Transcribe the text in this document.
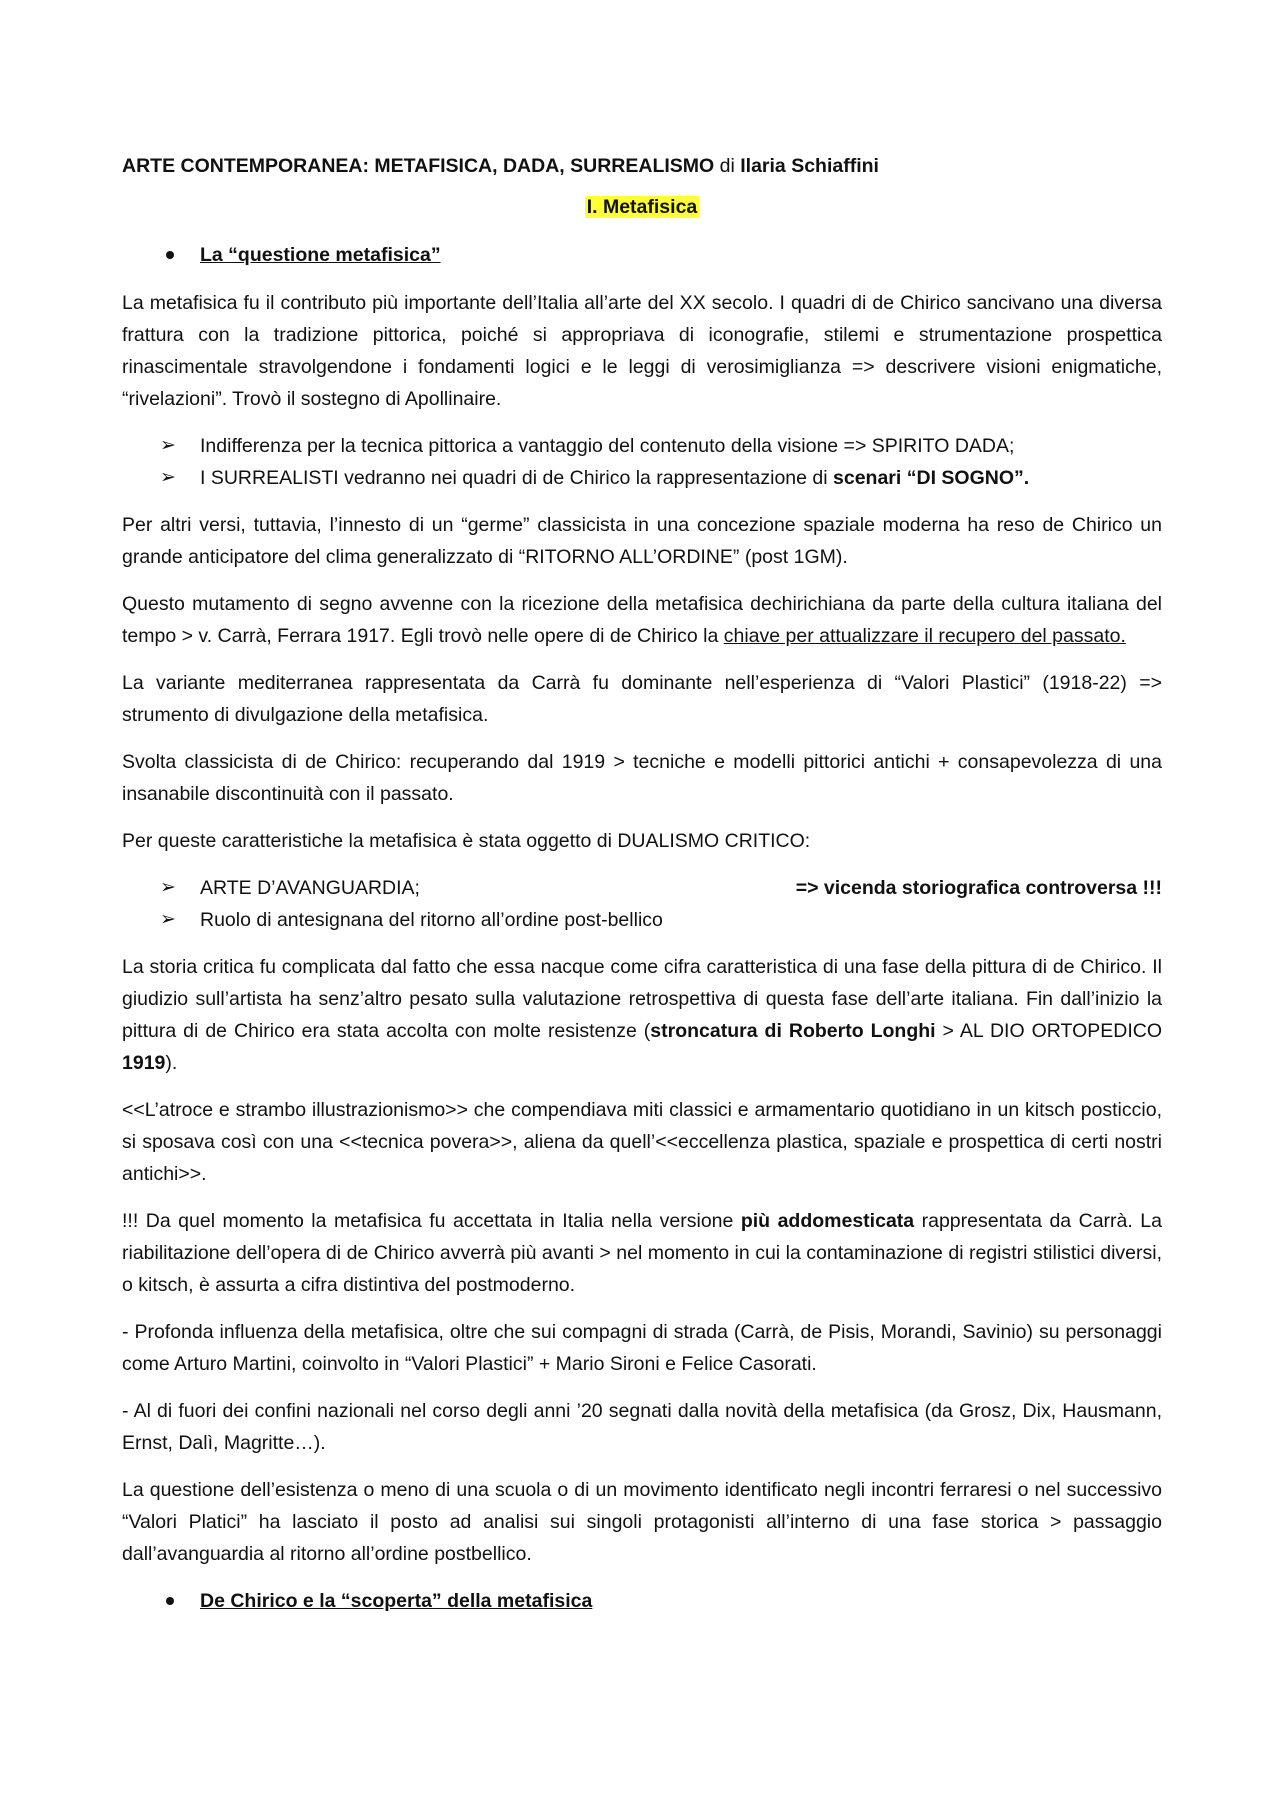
ARTE CONTEMPORANEA: METAFISICA, DADA, SURREALISMO di Ilaria Schiaffini
I. Metafisica
La “questione metafisica”

La metafisica fu il contributo più importante dell’Italia all’arte del XX secolo. I quadri di de Chirico sancivano una diversa frattura con la tradizione pittorica, poiché si appropriava di iconografie, stilemi e strumentazione prospettica rinascimentale stravolgendone i fondamenti logici e le leggi di verosimiglianza => descrivere visioni enigmatiche, “rivelazioni”. Trovò il sostegno di Apollinaire.

➢ Indifferenza per la tecnica pittorica a vantaggio del contenuto della visione => SPIRITO DADA;
➢ I SURREALISTI vedranno nei quadri di de Chirico la rappresentazione di scenari “DI SOGNO”.

Per altri versi, tuttavia, l’innesto di un “germe” classicista in una concezione spaziale moderna ha reso de Chirico un grande anticipatore del clima generalizzato di “RITORNO ALL’ORDINE” (post 1GM).

Questo mutamento di segno avvenne con la ricezione della metafisica dechirichiana da parte della cultura italiana del tempo > v. Carrà, Ferrara 1917. Egli trovò nelle opere di de Chirico la chiave per attualizzare il recupero del passato.

La variante mediterranea rappresentata da Carrà fu dominante nell’esperienza di “Valori Plastici” (1918-22) => strumento di divulgazione della metafisica.

Svolta classicista di de Chirico: recuperando dal 1919 > tecniche e modelli pittorici antichi + consapevolezza di una insanabile discontinuità con il passato.

Per queste caratteristiche la metafisica è stata oggetto di DUALISMO CRITICO:

➢ ARTE D’AVANGUARDIA;
➢ Ruolo di antesignana del ritorno all’ordine post-bellico
=> vicenda storiografica controversa !!!

La storia critica fu complicata dal fatto che essa nacque come cifra caratteristica di una fase della pittura di de Chirico. Il giudizio sull’artista ha senz’altro pesato sulla valutazione retrospettiva di questa fase dell’arte italiana. Fin dall’inizio la pittura di de Chirico era stata accolta con molte resistenze (stroncatura di Roberto Longhi > AL DIO ORTOPEDICO 1919).

<<L’atroce e strambo illustrazionismo>> che compendiava miti classici e armamentario quotidiano in un kitsch posticcio, si sposava così con una <<tecnica povera>>, aliena da quell’<<eccellenza plastica, spaziale e prospettica di certi nostri antichi>>.

!!! Da quel momento la metafisica fu accettata in Italia nella versione più addomesticata rappresentata da Carrà. La riabilitazione dell’opera di de Chirico avverrà più avanti > nel momento in cui la contaminazione di registri stilistici diversi, o kitsch, è assurta a cifra distintiva del postmoderno.

- Profonda influenza della metafisica, oltre che sui compagni di strada (Carrà, de Pisis, Morandi, Savinio) su personaggi come Arturo Martini, coinvolto in “Valori Plastici” + Mario Sironi e Felice Casorati.

- Al di fuori dei confini nazionali nel corso degli anni ’20 segnati dalla novità della metafisica (da Grosz, Dix, Hausmann, Ernst, Dalì, Magritte…).

La questione dell’esistenza o meno di una scuola o di un movimento identificato negli incontri ferraresi o nel successivo “Valori Platici” ha lasciato il posto ad analisi sui singoli protagonisti all’interno di una fase storica > passaggio dall’avanguardia al ritorno all’ordine postbellico.

De Chirico e la “scoperta” della metafisica
